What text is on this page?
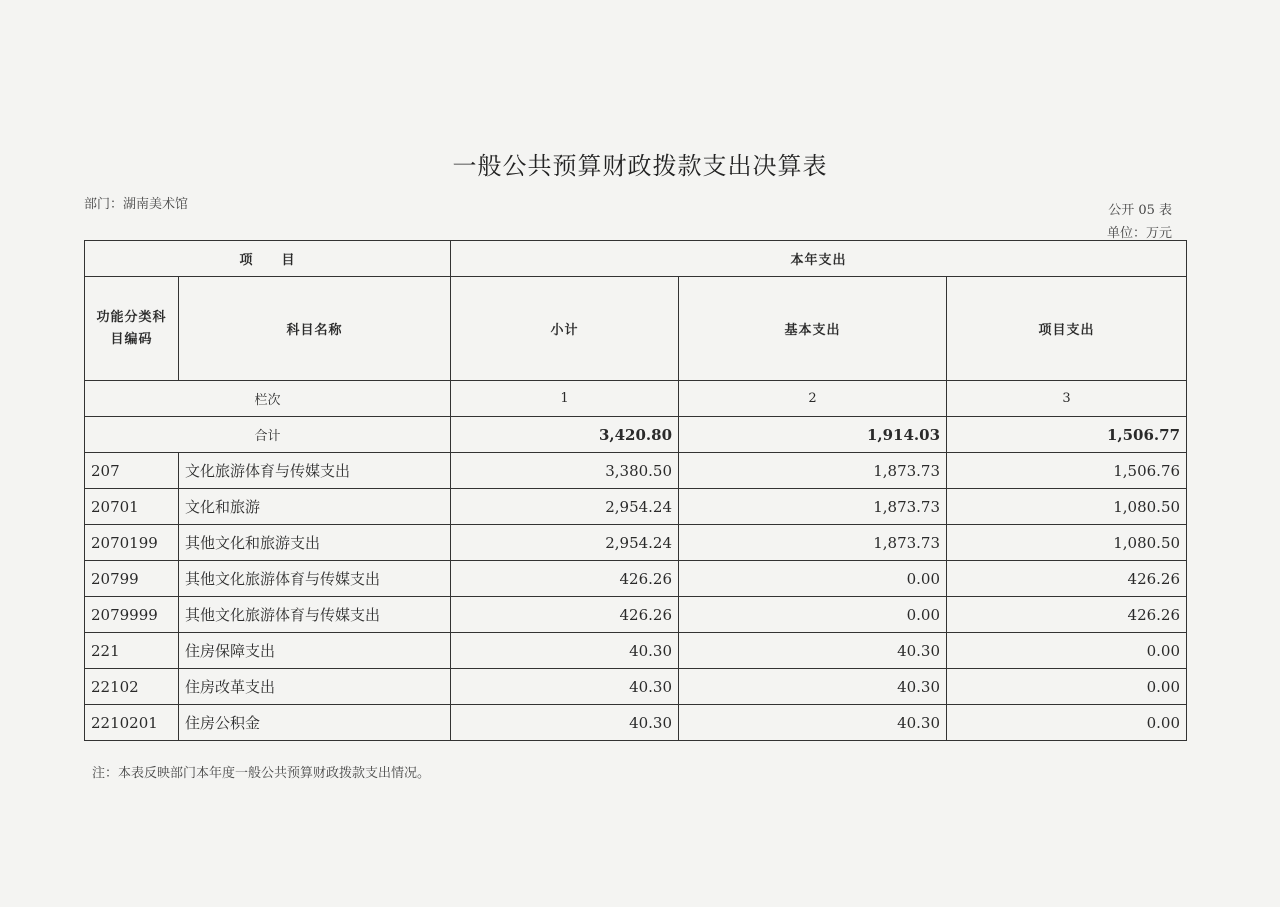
一般公共预算财政拨款支出决算表
部门：湖南美术馆	公开 05 表
单位：万元
项　　目		本年支出		
功能分类科目编码	科目名称	小计	基本支出	项目支出
栏次		1	2	3
合计		3,420.80	1,914.03	1,506.77
207	文化旅游体育与传媒支出	3,380.50	1,873.73	1,506.76
20701	文化和旅游	2,954.24	1,873.73	1,080.50
2070199	其他文化和旅游支出	2,954.24	1,873.73	1,080.50
20799	其他文化旅游体育与传媒支出	426.26	0.00	426.26
2079999	其他文化旅游体育与传媒支出	426.26	0.00	426.26
221	住房保障支出	40.30	40.30	0.00
22102	住房改革支出	40.30	40.30	0.00
2210201	住房公积金	40.30	40.30	0.00
注：本表反映部门本年度一般公共预算财政拨款支出情况。
